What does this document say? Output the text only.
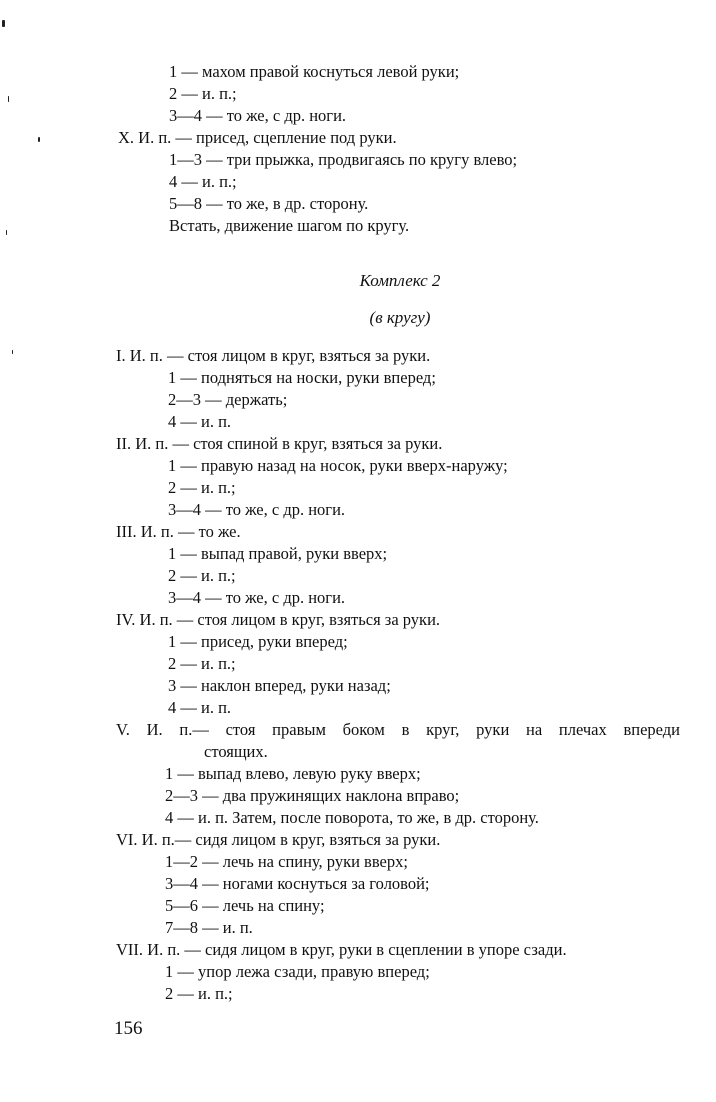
1 — махом правой коснуться левой руки;
2 — и. п.;
3—4 — то же, с др. ноги.
X. И. п. — присед, сцепление под руки.
1—3 — три прыжка, продвигаясь по кругу влево;
4 — и. п.;
5—8 — то же, в др. сторону.
Встать, движение шагом по кругу.
Комплекс 2
(в кругу)
I. И. п. — стоя лицом в круг, взяться за руки.
1 — подняться на носки, руки вперед;
2—3 — держать;
4 — и. п.
II. И. п. — стоя спиной в круг, взяться за руки.
1 — правую назад на носок, руки вверх-наружу;
2 — и. п.;
3—4 — то же, с др. ноги.
III. И. п. — то же.
1 — выпад правой, руки вверх;
2 — и. п.;
3—4 — то же, с др. ноги.
IV. И. п. — стоя лицом в круг, взяться за руки.
1 — присед, руки вперед;
2 — и. п.;
3 — наклон вперед, руки назад;
4 — и. п.
V. И. п.— стоя правым боком в круг, руки на плечах впереди
стоящих.
1 — выпад влево, левую руку вверх;
2—3 — два пружинящих наклона вправо;
4 — и. п. Затем, после поворота, то же, в др. сторону.
VI. И. п.— сидя лицом в круг, взяться за руки.
1—2 — лечь на спину, руки вверх;
3—4 — ногами коснуться за головой;
5—6 — лечь на спину;
7—8 — и. п.
VII. И. п. — сидя лицом в круг, руки в сцеплении в упоре сзади.
1 — упор лежа сзади, правую вперед;
2 — и. п.;
156
